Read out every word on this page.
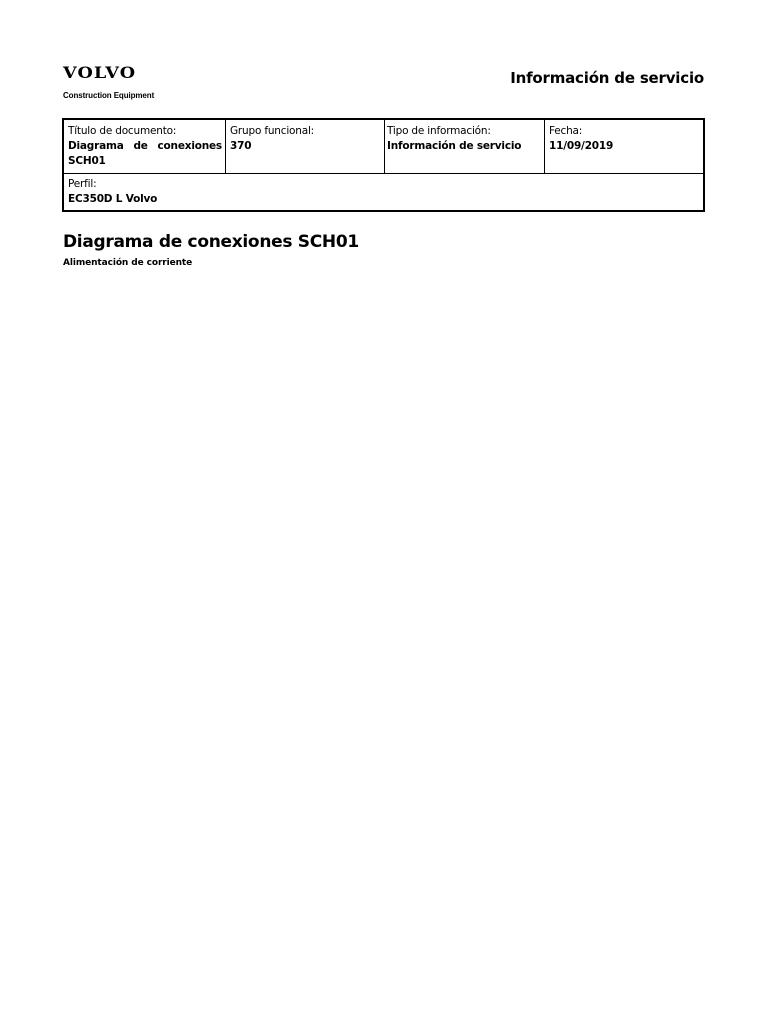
VOLVO
Construction Equipment
Información de servicio
Título de documento:
Diagrama de conexiones SCH01
Grupo funcional:
370
Tipo de información:
Información de servicio
Fecha:
11/09/2019
Perfil:
EC350D L Volvo
Diagrama de conexiones SCH01
Alimentación de corriente
